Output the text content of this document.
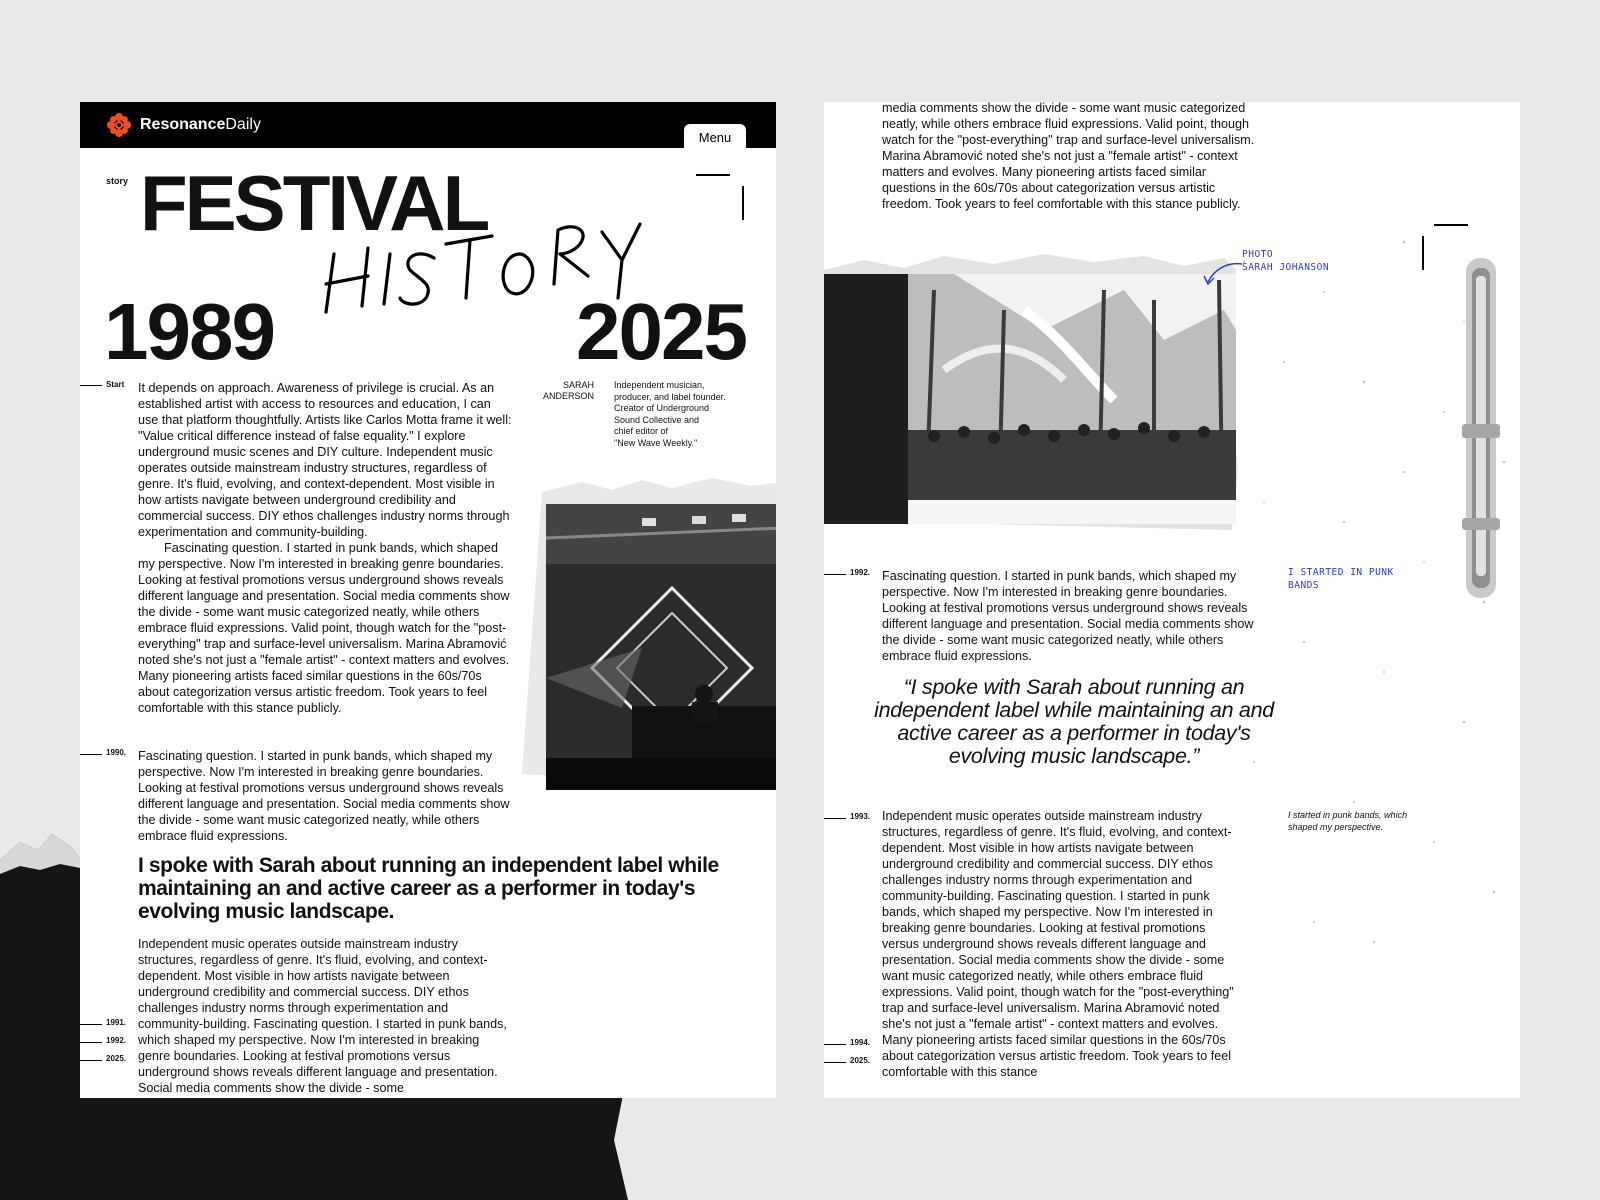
ResonanceDaily
Menu
story FESTIVAL
1989	2025
Start It depends on approach. Awareness of privilege is crucial. As an established artist with access to resources and education, I can use that platform thoughtfully. Artists like Carlos Motta frame it well: "Value critical difference instead of false equality." I explore underground music scenes and DIY culture. Independent music operates outside mainstream industry structures, regardless of genre. It's fluid, evolving, and context-dependent. Most visible in how artists navigate between underground credibility and commercial success. DIY ethos challenges industry norms through experimentation and community-building.
Fascinating question. I started in punk bands, which shaped my perspective. Now I'm interested in breaking genre boundaries. Looking at festival promotions versus underground shows reveals different language and presentation. Social media comments show the divide - some want music categorized neatly, while others embrace fluid expressions. Valid point, though watch for the "post-everything" trap and surface-level universalism. Marina Abramović noted she's not just a "female artist" - context matters and evolves. Many pioneering artists faced similar questions in the 60s/70s about categorization versus artistic freedom. Took years to feel comfortable with this stance publicly.
SARAH
ANDERSON
Independent musician,
producer, and label founder.
Creator of Underground
Sound Collective and
chief editor of
"New Wave Weekly."
1990. Fascinating question. I started in punk bands, which shaped my perspective. Now I'm interested in breaking genre boundaries. Looking at festival promotions versus underground shows reveals different language and presentation. Social media comments show the divide - some want music categorized neatly, while others embrace fluid expressions.
I spoke with Sarah about running an independent label while maintaining an and active career as a performer in today's evolving music landscape.
Independent music operates outside mainstream industry structures, regardless of genre. It's fluid, evolving, and context-dependent. Most visible in how artists navigate between underground credibility and commercial success. DIY ethos challenges industry norms through experimentation and community-building. Fascinating question. I started in punk bands, which shaped my perspective. Now I'm interested in breaking genre boundaries. Looking at festival promotions versus underground shows reveals different language and presentation. Social media comments show the divide - some
1991.
1992.
2025.
media comments show the divide - some want music categorized neatly, while others embrace fluid expressions. Valid point, though watch for the "post-everything" trap and surface-level universalism. Marina Abramović noted she's not just a "female artist" - context matters and evolves. Many pioneering artists faced similar questions in the 60s/70s about categorization versus artistic freedom. Took years to feel comfortable with this stance publicly.
PHOTO
SARAH JOHANSON
1992. Fascinating question. I started in punk bands, which shaped my perspective. Now I'm interested in breaking genre boundaries. Looking at festival promotions versus underground shows reveals different language and presentation. Social media comments show the divide - some want music categorized neatly, while others embrace fluid expressions.
I STARTED IN PUNK
BANDS
“I spoke with Sarah about running an independent label while maintaining an and active career as a performer in today's evolving music landscape.”
1993. Independent music operates outside mainstream industry structures, regardless of genre. It's fluid, evolving, and context-dependent. Most visible in how artists navigate between underground credibility and commercial success. DIY ethos challenges industry norms through experimentation and community-building. Fascinating question. I started in punk bands, which shaped my perspective. Now I'm interested in breaking genre boundaries. Looking at festival promotions versus underground shows reveals different language and presentation. Social media comments show the divide - some want music categorized neatly, while others embrace fluid expressions. Valid point, though watch for the "post-everything" trap and surface-level universalism. Marina Abramović noted she's not just a "female artist" - context matters and evolves. Many pioneering artists faced similar questions in the 60s/70s about categorization versus artistic freedom. Took years to feel comfortable with this stance
I started in punk bands, which shaped my perspective.
1994.
2025.
